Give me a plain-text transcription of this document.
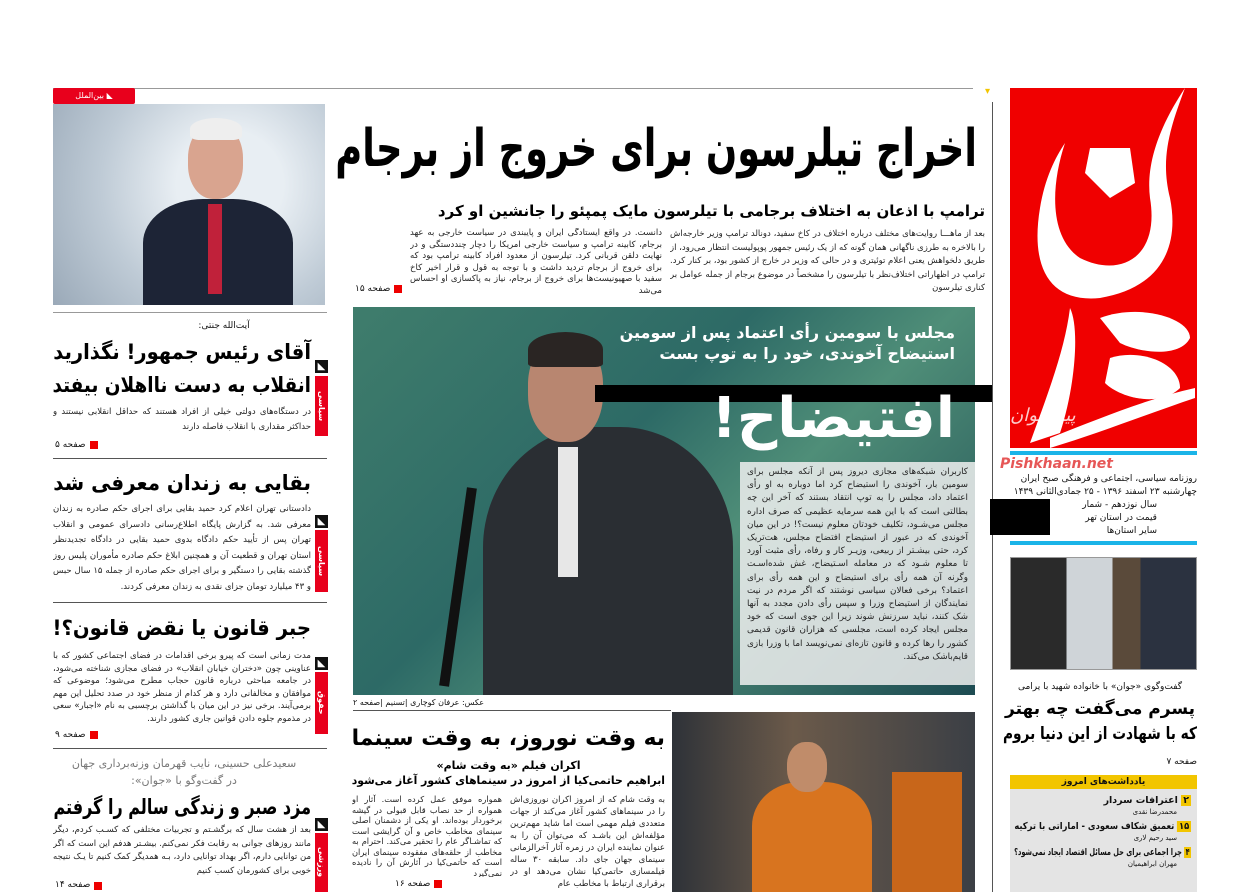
▾
روزنامه سیاسی، اجتماعی و فرهنگی صبح ایران
چهارشنبه ۲۳ اسفند ۱۳۹۶ - ۲۵ جمادی‌الثانی ۱۴۳۹
سال نوزدهم - شمار
قیمت در استان تهر
سایر استان‌ها
Pishkhaan.net
پیشخوان
گفت‌وگوی «جوان» با خانواده شهید با یرامی
پسرم می‌گفت چه بهتر
که با شهادت از این دنیا بروم
صفحه ۷
یادداشت‌های امروز
۲ اعترافات سردار
محمدرضا نقدی
۱۵ تعمیق شکاف سعودی - اماراتی با ترکیه
سید رحیم لاری
۴ چرا اجماعی برای حل مسائل اقتصاد ایجاد نمی‌شود؟
مهران ابراهیمیان
◣ بین‌الملل
اخراج تیلرسون برای خروج از برجام
ترامپ با اذعان به اختلاف برجامی با تیلرسون مایک پمپئو را جانشین او کرد
بعد از ماهـــا روایت‌های مختلف درباره اختلاف در کاخ سفید، دونالد ترامپ وزیر خارجه‌اش را بالاخره به طرزی ناگهانی همان گونه که از یک رئیس جمهور پوپولیست انتظار می‌رود، از طریق دلخواهش یعنی اعلام توئیتری و در حالی که وزیر در خارج از کشور بود، بر کنار کرد. ترامپ در اظهاراتی اختلاف‌نظر با تیلرسون را مشخصاً در موضوع برجام از جمله عوامل بر کناری تیلرسون
دانست. در واقع ایستادگی ایران و پایبندی در سیاست خارجی به عهد برجام، کابینه ترامپ و سیاست خارجی امریکا را دچار چنددستگی و در نهایت دلقن قربانی کرد. تیلرسون از معدود افراد کابینه ترامپ بود که برای خروج از برجام تردید داشت و با توجه به قول و قرار اخیر کاخ سفید با صهیونیست‌ها برای خروج از برجام، نیاز به پاکسازی او احساس می‌شد
صفحه ۱۵
مجلس با سومین رأی اعتماد پس از سومین استیضاح آخوندی، خود را به توپ بست
افتیضاح!
کاربران شبکه‌های مجازی دیروز پس از آنکه مجلس برای سومین بار، آخوندی را استیضاح کرد اما دوباره به او رأی اعتماد داد، مجلس را به توپ انتقاد بستند که آخر این چه بطالتی است که با این همه سرمایه عظیمی که صرف اداره مجلس می‌شـود، تکلیف خودتان معلوم نیست؟! در این میان آخوندی که در عبور از استیضاح افتضاح مجلس، هت‌تریک کرد، حتی بیشـتر از ربیعی، وزیـر کار و رفاه، رأی مثبت آورد تا معلوم شـود که در معامله اسـتیضاح، غش شده‌اسـت وگرنه آن همه رأی برای استیضاح و این همه رأی برای اعتماد؟ برخی فعالان سیاسی نوشتند که اگر مردم در نیت نمایندگان از استیضاح وزرا و سپس رأی دادن مجدد به آنها شک کنند، نباید سرزنش شوند زیرا این جوی است که خود مجلس ایجاد کرده است، مجلسی که هزاران قانون قدیمی کشور را رها کرده و قانون تازه‌ای نمی‌نویسد اما با وزرا بازی قایم‌باشک می‌کند.
عکس: عرفان کوچاری |تسنیم |صفحه ۲
به وقت نوروز، به وقت سینما
اکران فیلم «به وقت شام»
ابراهیم حاتمی‌کیا از امروز در سینماهای کشور آغاز می‌شود
به وقت شام که از امروز اکران نوروزی‌اش را در سینماهای کشور آغاز می‌کند از جهات متعددی فیلم مهمی است اما شاید مهم‌ترین مؤلفه‌اش این باشـد که می‌توان آن را به عنوان نماینده ایران در زمره آثار آخرالزمانی سینمای جهان جای داد. سابقه ۳۰ ساله فیلمسازی حاتمی‌کیا نشان می‌دهد او در برقراری ارتباط با مخاطب عام
همواره موفق عمل کرده است. آثار او همواره از حد نصاب قابل قبولی در گیشه برخوردار بوده‌اند. او یکی از دشمنان اصلی سینمای مخاطب خاص و آن گرایشی است که تماشـاگر عام را تحقیر می‌کند. احترام به مخاطب از حلقه‌های مفقوده سینمای ایران است که حاتمی‌کیا در آثارش آن را نادیده نمی‌گیرد
صفحه ۱۶
آیت‌الله جنتی:
آقای رئیس جمهور! نگذارید
انقلاب به دست نااهلان بیفتد
◣
سیاسی
در دستگاه‌های دولتی خیلی از افراد هستند که حداقل انقلابی نیستند و حداکثر مقداری با انقلاب فاصله دارند
صفحه ۵
بقایی به زندان معرفی شد
◣
سیاسی
دادستانی تهران اعلام کرد حمید بقایی برای اجرای حکم صادره به زندان معرفی شد. به گزارش پایگاه اطلاع‌رسانی دادسرای عمومی و انقلاب تهران پس از تأیید حکم دادگاه بدوی حمید بقایی در دادگاه تجدیدنظر استان تهران و قطعیت آن و همچنین ابلاغ حکم صادره مأموران پلیس روز گذشته بقایی را دستگیر و برای اجرای حکم صادره از جمله ۱۵ سال حبس و ۴۳ میلیارد تومان جزای نقدی به زندان معرفی کردند.
جبر قانون یا نقض قانون؟!
◣
حقوق
مدت زمانی است که پیرو برخی اقدامات در فضای اجتماعی کشور که با عناوینی چون «دختران خیابان انقلاب» در فضای مجازی شناخته می‌شود، در جامعه مباحثی درباره قانون حجاب مطرح می‌شود؛ موضوعی که موافقان و مخالفانی دارد و هر کدام از منظر خود در صدد تحلیل این مهم برمی‌آیند. برخی نیز در این میان با گذاشتن برچسبی به نام «اجبار» سعی در مذموم جلوه دادن قوانین جاری کشور دارند.
صفحه ۹
سعیدعلی حسینی، نایب قهرمان وزنه‌برداری جهان
در گفت‌وگو با «جوان»:
مزد صبر و زندگی سالم را گرفتم
◣
ورزشی
بعد از هشت سال که برگشـتم و تجربیات مختلفی که کسـب کردم، دیگر مانند روزهای جوانی به رقابت فکر نمی‌کنم. بیشـتر هدفم این است که اگر من توانایی دارم، اگر بهداد توانایی دارد، بـه همدیگر کمک کنیم تا یـک نتیجه خوبی برای کشورمان کسب کنیم
صفحه ۱۴
